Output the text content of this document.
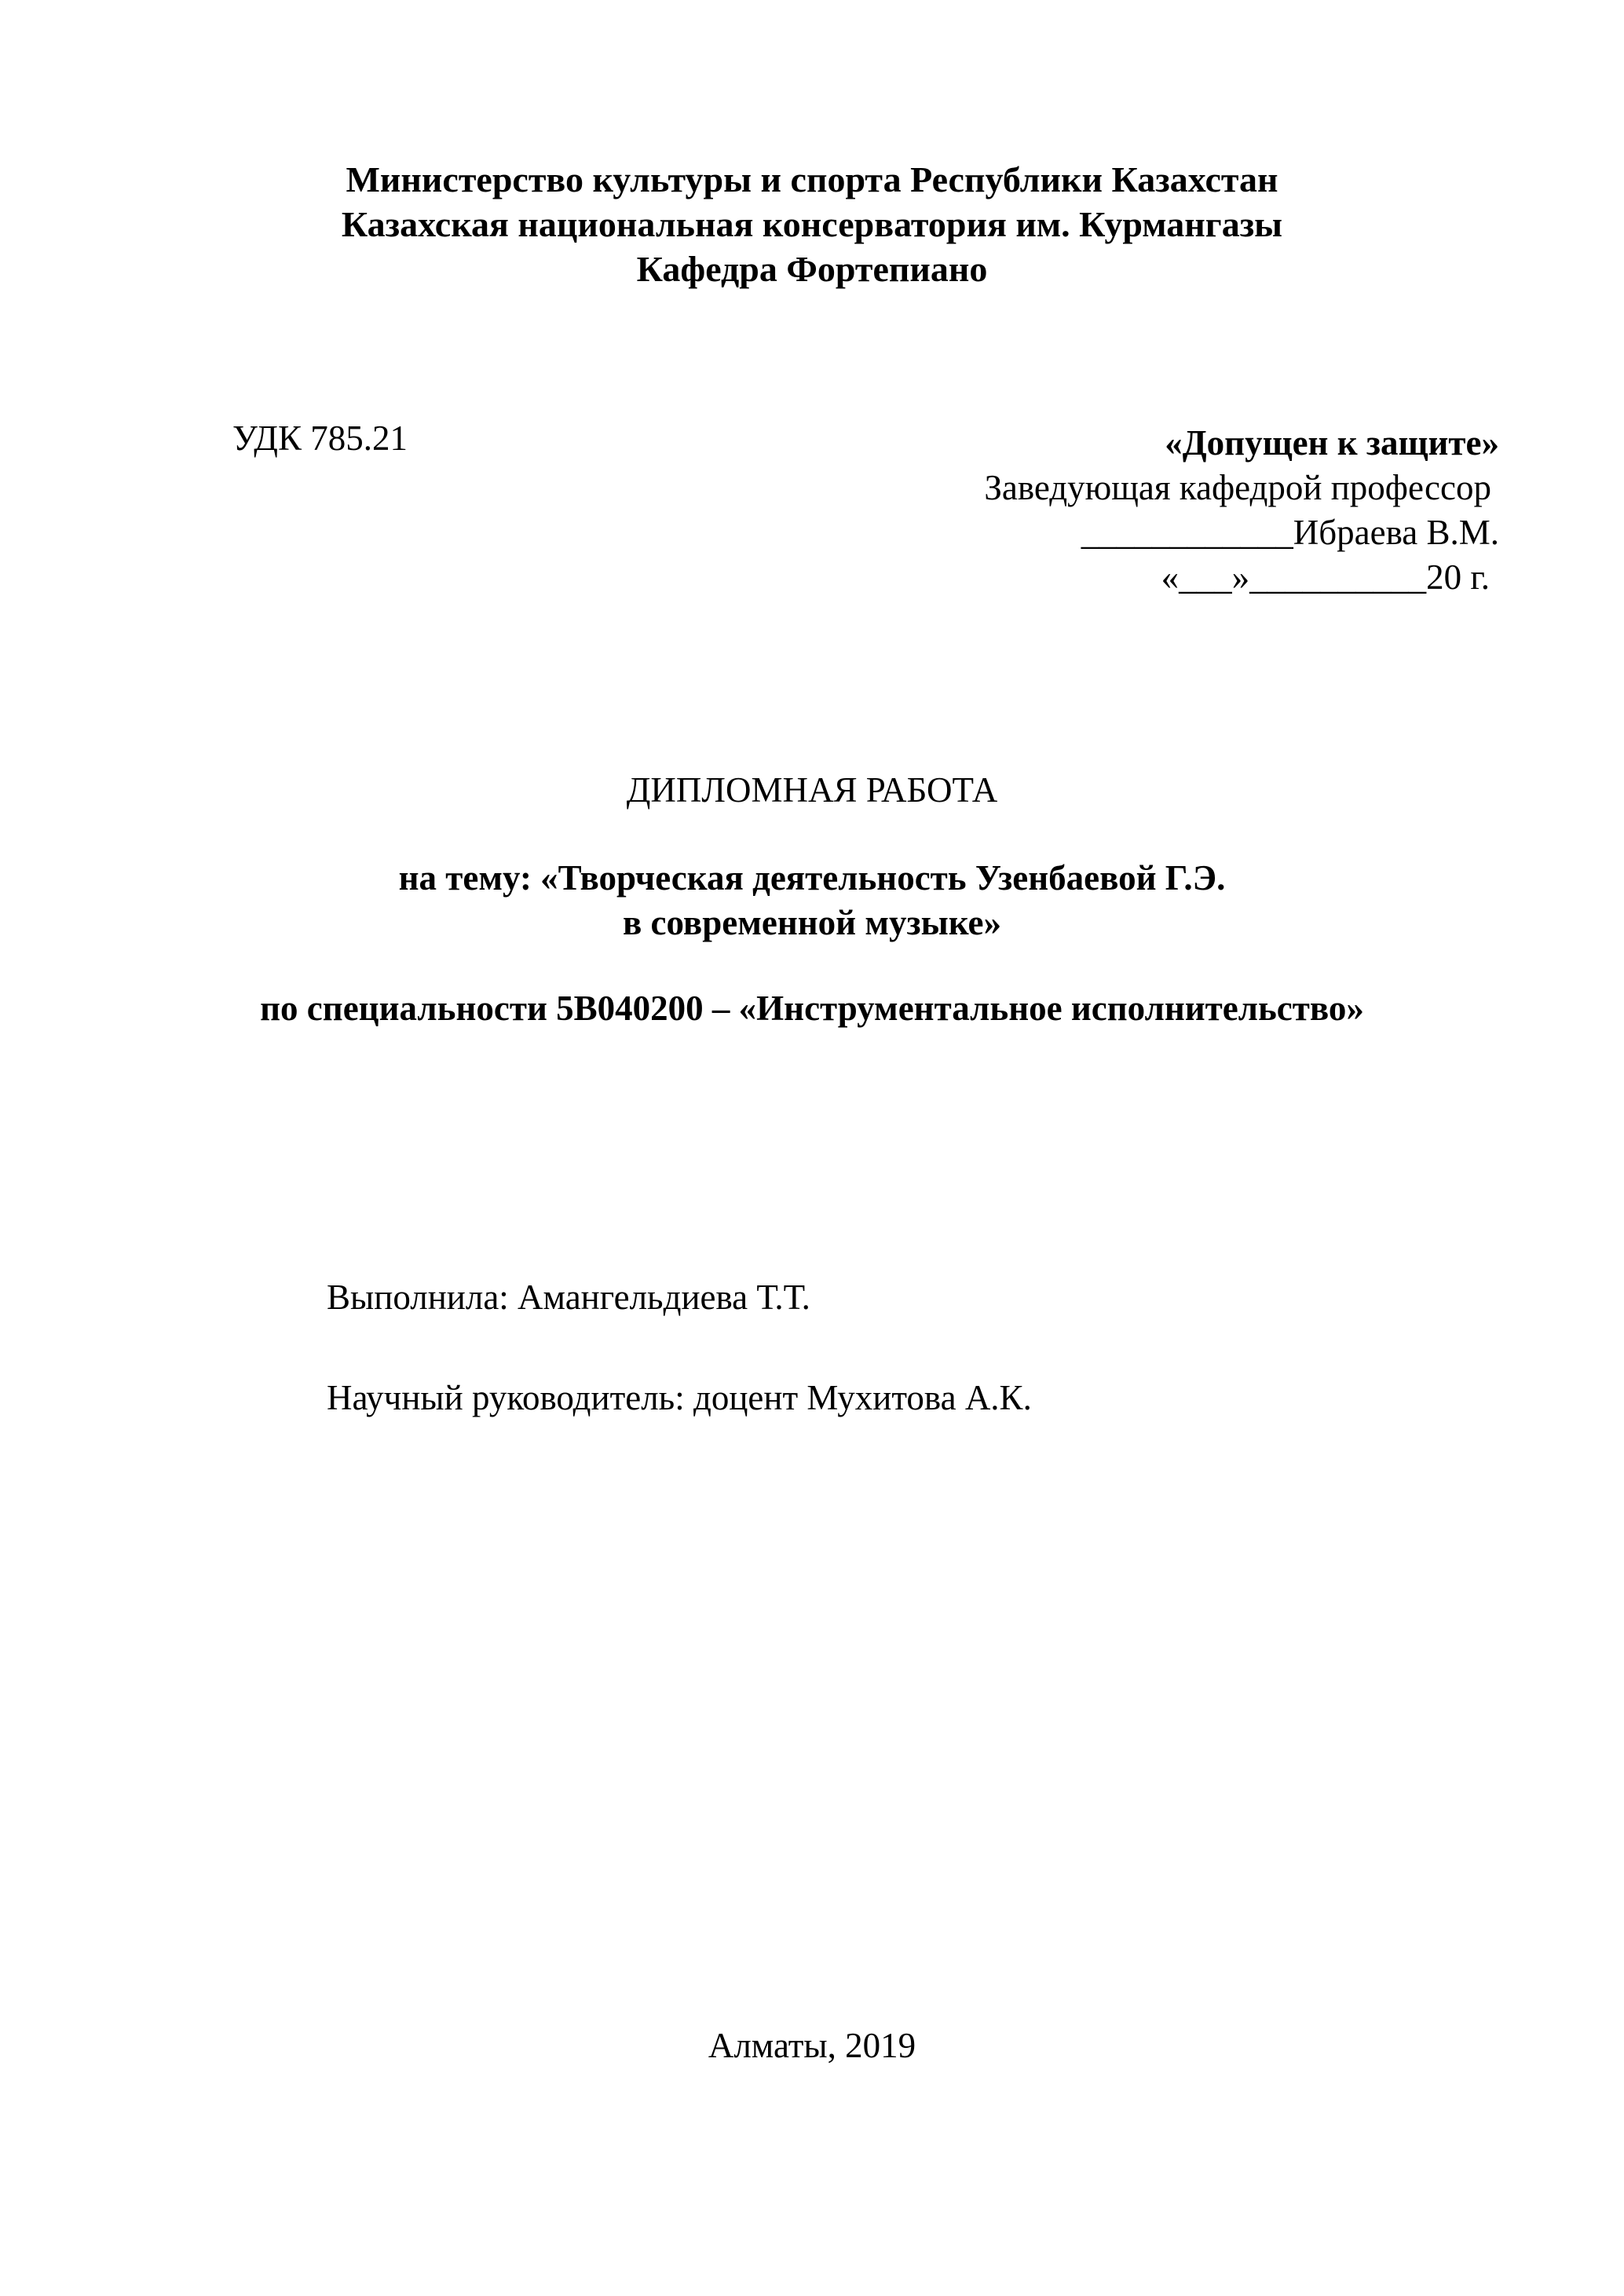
Министерство культуры и спорта Республики Казахстан
Казахская национальная консерватория им. Курмангазы
Кафедра Фортепиано
УДК 785.21	«Допущен к защите»
Заведующая кафедрой профессор
____________Ибраева В.М.
«___»__________20 г.
ДИПЛОМНАЯ РАБОТА
на тему: «Творческая деятельность Узенбаевой Г.Э.
в современной музыке»
по специальности 5В040200 – «Инструментальное исполнительство»
Выполнила: Амангельдиева Т.Т.
Научный руководитель: доцент Мухитова А.К.
Алматы, 2019
